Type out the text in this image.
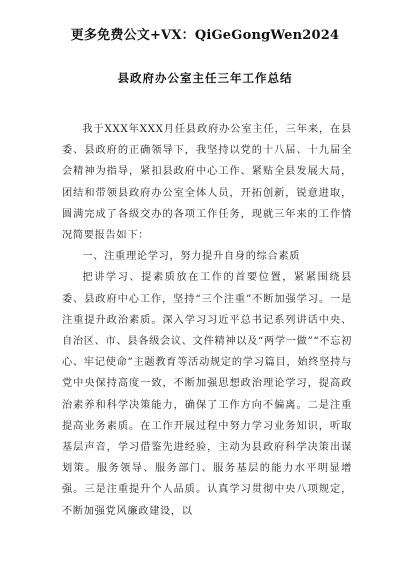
更多免费公文+VX：QiGeGongWen2024
县政府办公室主任三年工作总结

我于XXX年XXX月任县政府办公室主任，三年来，在县委、县政府的正确领导下，我坚持以党的十八届、十九届全会精神为指导，紧扣县政府中心工作、紧贴全县发展大局，团结和带领县政府办公室全体人员，开拓创新，锐意进取，圆满完成了各级交办的各项工作任务，现就三年来的工作情况简要报告如下：

一、注重理论学习，努力提升自身的综合素质

把讲学习、提素质放在工作的首要位置，紧紧围绕县委、县政府中心工作，坚持“三个注重”不断加强学习。一是注重提升政治素质。深入学习习近平总书记系列讲话中央、自治区、市、县各级会议、文件精神以及“两学一做”“不忘初心、牢记使命”主题教育等活动规定的学习篇目，始终坚持与党中央保持高度一致，不断加强思想政治理论学习，提高政治素养和科学决策能力，确保了工作方向不偏离。二是注重提高业务素质。在工作开展过程中努力学习业务知识，听取基层声音，学习借鉴先进经验，主动为县政府科学决策出谋划策。服务领导、服务部门、服务基层的能力水平明显增强。三是注重提升个人品质。认真学习贯彻中央八项规定，不断加强党风廉政建设，以
